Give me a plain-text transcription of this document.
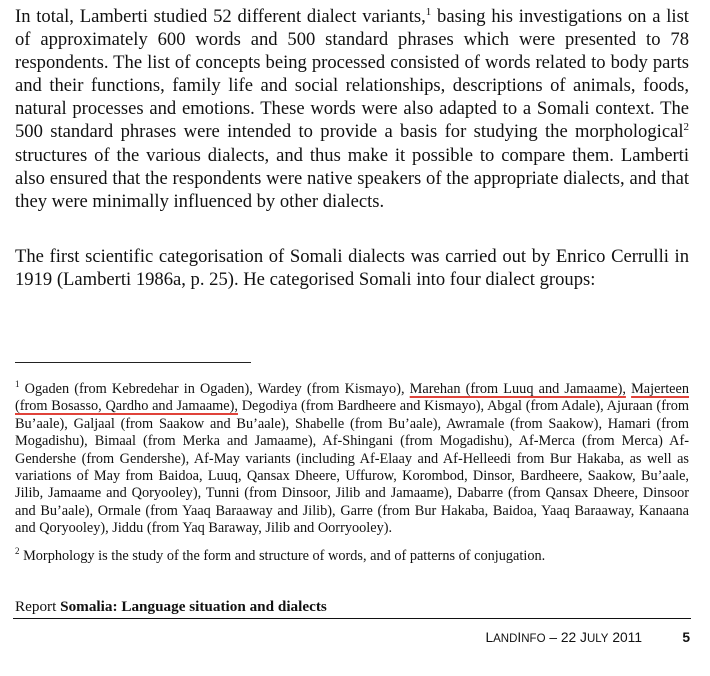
In total, Lamberti studied 52 different dialect variants,$^1$ basing his investigations on a list of approximately 600 words and 500 standard phrases which were presented to 78 respondents. The list of concepts being processed consisted of words related to body parts and their functions, family life and social relationships, descriptions of animals, foods, natural processes and emotions. These words were also adapted to a Somali context. The 500 standard phrases were intended to provide a basis for studying the morphological$^2$ structures of the various dialects, and thus make it possible to compare them. Lamberti also ensured that the respondents were native speakers of the appropriate dialects, and that they were minimally influenced by other dialects.

The first scientific categorisation of Somali dialects was carried out by Enrico Cerrulli in 1919 (Lamberti 1986a, p. 25). He categorised Somali into four dialect groups:

$^1$ Ogaden (from Kebredehar in Ogaden), Wardey (from Kismayo), Marehan (from Luuq and Jamaame), Majerteen (from Bosasso, Qardho and Jamaame), Degodiya (from Bardheere and Kismayo), Abgal (from Adale), Ajuraan (from Bu’aale), Galjaal (from Saakow and Bu’aale), Shabelle (from Bu’aale), Awramale (from Saakow), Hamari (from Mogadishu), Bimaal (from Merka and Jamaame), Af-Shingani (from Mogadishu), Af-Merca (from Merca) Af-Gendershe (from Gendershe), Af-May variants (including Af-Elaay and Af-Helleedi from Bur Hakaba, as well as variations of May from Baidoa, Luuq, Qansax Dheere, Uffurow, Korombod, Dinsor, Bardheere, Saakow, Bu’aale, Jilib, Jamaame and Qoryooley), Tunni (from Dinsoor, Jilib and Jamaame), Dabarre (from Qansax Dheere, Dinsoor and Bu’aale), Ormale (from Yaaq Baraaway and Jilib), Garre (from Bur Hakaba, Baidoa, Yaaq Baraaway, Kanaana and Qoryooley), Jiddu (from Yaq Baraway, Jilib and Oorryooley).

$^2$ Morphology is the study of the form and structure of words, and of patterns of conjugation.

Report Somalia: Language situation and dialects

LANDINFO – 22 JULY 2011	5
